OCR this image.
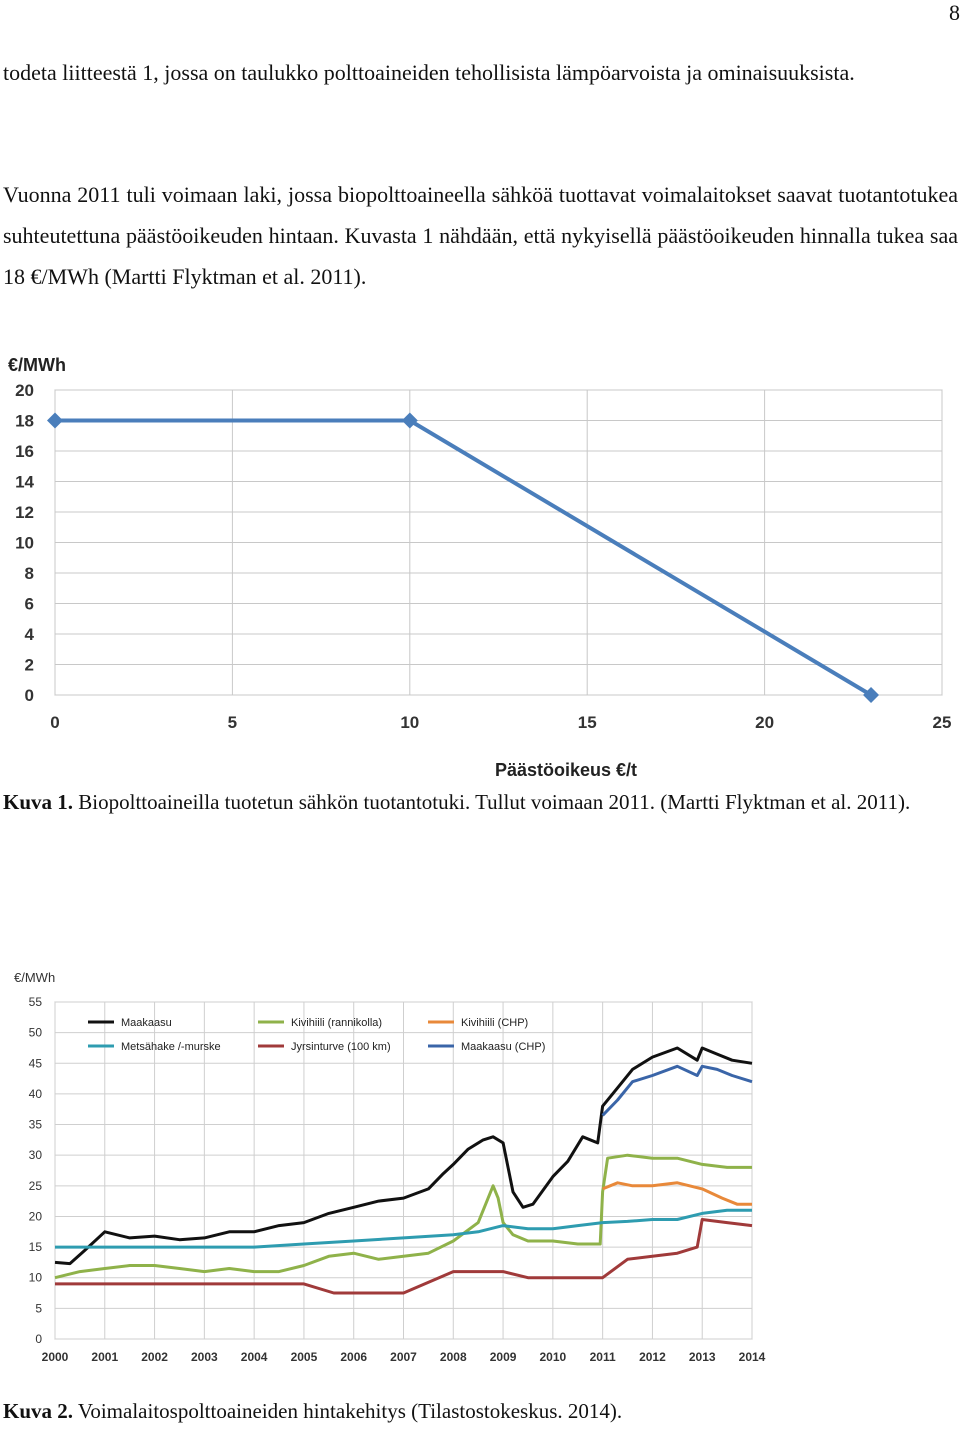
8

todeta liitteestä 1, jossa on taulukko polttoaineiden tehollisista lämpöarvoista ja ominaisuuksista.

Vuonna 2011 tuli voimaan laki, jossa biopolttoaineella sähköä tuottavat voimalaitokset saavat tuotantotukea suhteutettuna päästöoikeuden hintaan. Kuvasta 1 nähdään, että nykyisellä päästöoikeuden hinnalla tukea saa 18 €/MWh (Martti Flyktman et al. 2011).

0
2
4
6
8
10
12
14
16
18
20
0	5	10	15	20	25
€/MWh
Päästöoikeus €/t

Kuva 1. Biopolttoaineilla tuotetun sähkön tuotantotuki. Tullut voimaan 2011. (Martti Flyktman et al. 2011).

0
5
10
15
20
25
30
35
40
45
50
55
2000 2001 2002 2003 2004 2005 2006 2007 2008 2009 2010 2011 2012 2013 2014
€/MWh
Maakaasu	Kivihiili (rannikolla)	Kivihiili (CHP)
Metsähake /-murske	Jyrsinturve (100 km)	Maakaasu (CHP)

Kuva 2. Voimalaitospolttoaineiden hintakehitys (Tilastostokeskus. 2014).
